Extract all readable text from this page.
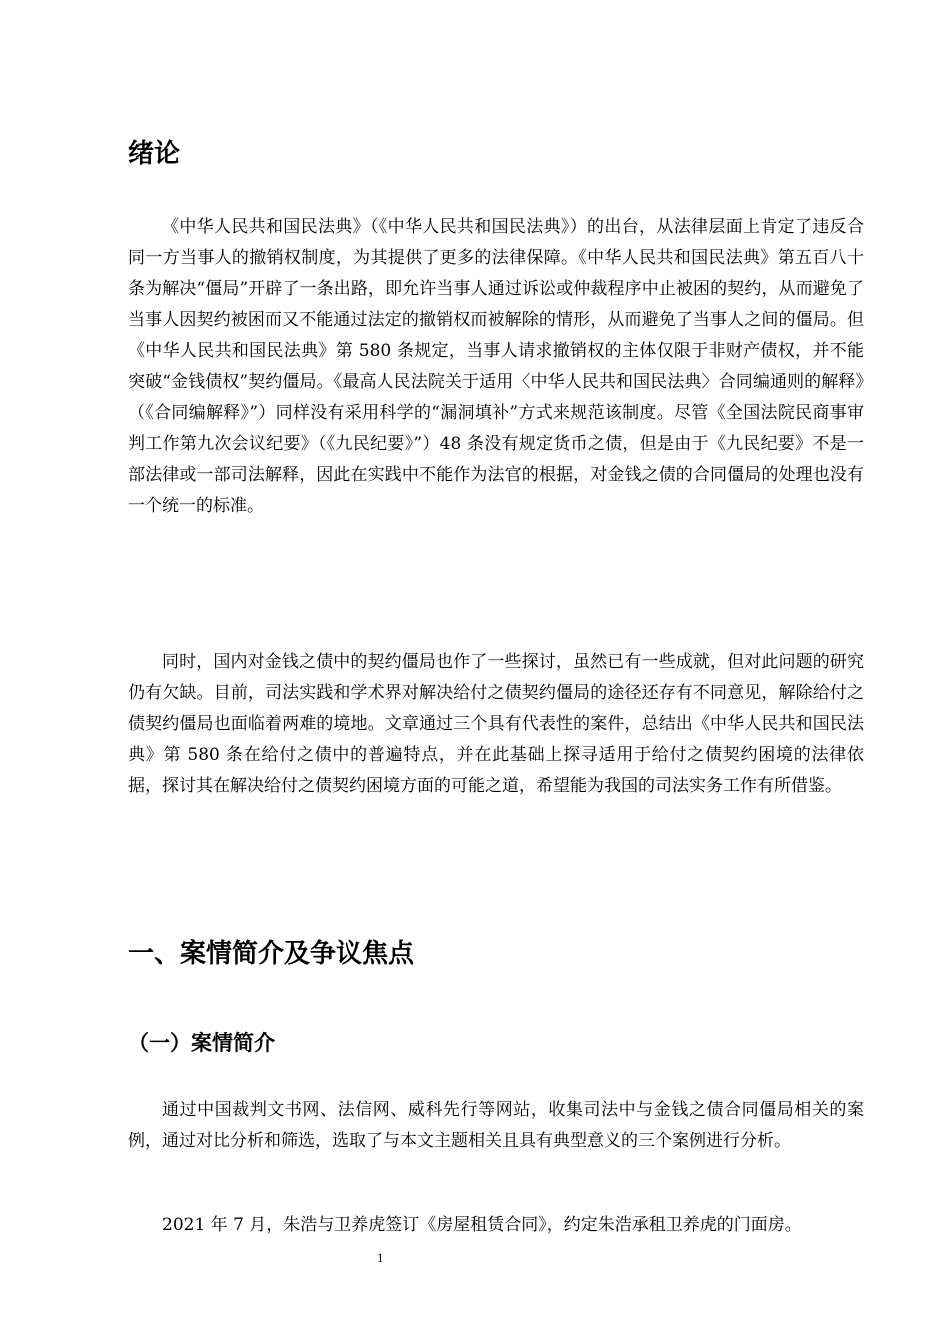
绪论

《中华人民共和国民法典》（《中华人民共和国民法典》）的出台，从法律层面上肯定了违反合同一方当事人的撤销权制度，为其提供了更多的法律保障。《中华人民共和国民法典》第五百八十条为解决“僵局”开辟了一条出路，即允许当事人通过诉讼或仲裁程序中止被困的契约，从而避免了当事人因契约被困而又不能通过法定的撤销权而被解除的情形，从而避免了当事人之间的僵局。但《中华人民共和国民法典》第 580 条规定，当事人请求撤销权的主体仅限于非财产债权，并不能突破“金钱债权”契约僵局。《最高人民法院关于适用〈中华人民共和国民法典〉合同编通则的解释》（《合同编解释》”）同样没有采用科学的“漏洞填补”方式来规范该制度。尽管《全国法院民商事审判工作第九次会议纪要》（《九民纪要》”）48 条没有规定货币之债，但是由于《九民纪要》不是一部法律或一部司法解释，因此在实践中不能作为法官的根据，对金钱之债的合同僵局的处理也没有一个统一的标准。

同时，国内对金钱之债中的契约僵局也作了一些探讨，虽然已有一些成就，但对此问题的研究仍有欠缺。目前，司法实践和学术界对解决给付之债契约僵局的途径还存有不同意见，解除给付之债契约僵局也面临着两难的境地。文章通过三个具有代表性的案件，总结出《中华人民共和国民法典》第 580 条在给付之债中的普遍特点，并在此基础上探寻适用于给付之债契约困境的法律依据，探讨其在解决给付之债契约困境方面的可能之道，希望能为我国的司法实务工作有所借鉴。

一、案情简介及争议焦点
（一）案情简介

通过中国裁判文书网、法信网、威科先行等网站，收集司法中与金钱之债合同僵局相关的案例，通过对比分析和筛选，选取了与本文主题相关且具有典型意义的三个案例进行分析。

2021 年 7 月，朱浩与卫养虎签订《房屋租赁合同》，约定朱浩承租卫养虎的门面房。

1
